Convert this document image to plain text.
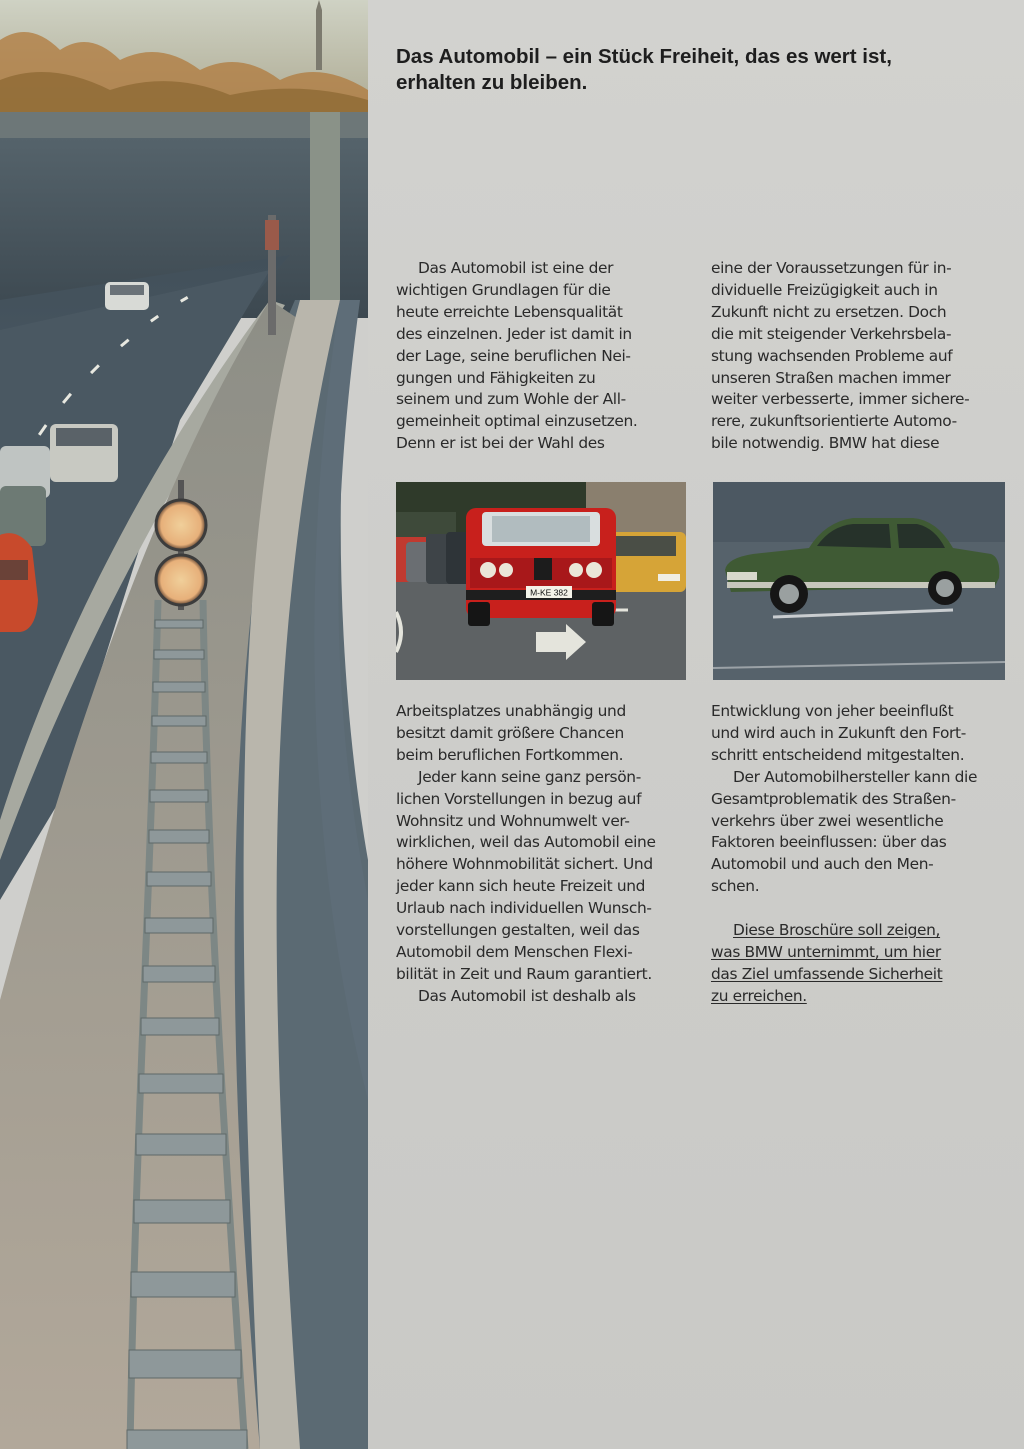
Das Automobil – ein Stück Freiheit, das es wert ist,
erhalten zu bleiben.
Das Automobil ist eine der
wichtigen Grundlagen für die
heute erreichte Lebensqualität
des einzelnen. Jeder ist damit in
der Lage, seine beruflichen Nei-
gungen und Fähigkeiten zu
seinem und zum Wohle der All-
gemeinheit optimal einzusetzen.
Denn er ist bei der Wahl des
eine der Voraussetzungen für in-
dividuelle Freizügigkeit auch in
Zukunft nicht zu ersetzen. Doch
die mit steigender Verkehrsbela-
stung wachsenden Probleme auf
unseren Straßen machen immer
weiter verbesserte, immer sichere-
rere, zukunftsorientierte Automo-
bile notwendig. BMW hat diese
M-KE 382
Arbeitsplatzes unabhängig und
besitzt damit größere Chancen
beim beruflichen Fortkommen.
Jeder kann seine ganz persön-
lichen Vorstellungen in bezug auf
Wohnsitz und Wohnumwelt ver-
wirklichen, weil das Automobil eine
höhere Wohnmobilität sichert. Und
jeder kann sich heute Freizeit und
Urlaub nach individuellen Wunsch-
vorstellungen gestalten, weil das
Automobil dem Menschen Flexi-
bilität in Zeit und Raum garantiert.
Das Automobil ist deshalb als
Entwicklung von jeher beeinflußt
und wird auch in Zukunft den Fort-
schritt entscheidend mitgestalten.
Der Automobilhersteller kann die
Gesamtproblematik des Straßen-
verkehrs über zwei wesentliche
Faktoren beeinflussen: über das
Automobil und auch den Men-
schen.

Diese Broschüre soll zeigen,
was BMW unternimmt, um hier
das Ziel umfassende Sicherheit
zu erreichen.
